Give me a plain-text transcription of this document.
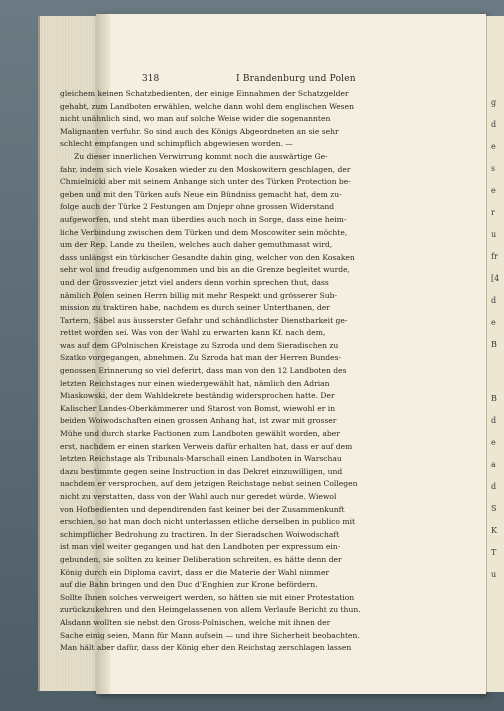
318	I Brandenburg und Polen
gleichem keinen Schatzbedienten, der einige Einnahmen der Schatzgelder
gehabt, zum Landboten erwählen, welche dann wohl dem englischen Wesen
nicht unähnlich sind, wo man auf solche Weise wider die sogenannten
Malignanten verfuhr. So sind auch des Königs Abgeordneten an sie sehr
schlecht empfangen und schimpflich abgewiesen worden. —
Zu dieser innerlichen Verwirrung kommt noch die auswärtige Ge-
fahr, indem sich viele Kosaken wieder zu den Moskowitern geschlagen, der
Chmielnicki aber mit seinem Anhange sich unter des Türken Protection be-
geben und mit den Türken aufs Neue ein Bündniss gemacht hat, dem zu-
folge auch der Türke 2 Festungen am Dnjepr ohne grossen Widerstand
aufgeworfen, und steht man überdies auch noch in Sorge, dass eine heim-
liche Verbindung zwischen dem Türken und dem Moscowiter sein möchte,
um der Rep. Lande zu theilen, welches auch daher gemuthmasst wird,
dass unlängst ein türkischer Gesandte dahin ging, welcher von den Kosaken
sehr wol und freudig aufgenommen und bis an die Grenze begleitet wurde,
und der Grossvezier jetzt viel anders denn vorhin sprechen thut, dass
nämlich Polen seinen Herrn billig mit mehr Respekt und grösserer Sub-
mission zu traktiren habe, nachdem es durch seiner Unterthanen, der
Tartern, Säbel aus äusserster Gefahr und schändlichster Dienstbarkeit ge-
rettet worden sei. Was von der Wahl zu erwarten kann Kf. nach dem,
was auf dem GPolnischen Kreistage zu Szroda und dem Sieradischen zu
Szatko vorgegangen, abnehmen. Zu Szroda hat man der Herren Bundes-
genossen Erinnerung so viel deferirt, dass man von den 12 Landboten des
letzten Reichstages nur einen wiedergewählt hat, nämlich den Adrian
Miaskowski, der dem Wahldekrete beständig widersprochen hatte. Der
Kalischer Landes-Oberkämmerer und Starost von Bomst, wiewohl er in
beiden Woiwodschaften einen grossen Anhang hat, ist zwar mit grosser
Mühe und durch starke Factionen zum Landboten gewählt worden, aber
erst, nachdem er einen starken Verweis dafür erhalten hat, dass er auf dem
letzten Reichstage als Tribunals-Marschall einen Landboten in Warschau
dazu bestimmte gegen seine Instruction in das Dekret einzuwilligen, und
nachdem er versprochen, auf dem jetzigen Reichstage nebst seinen Collegen
nicht zu verstatten, dass von der Wahl auch nur geredet würde. Wiewol
von Hofbedienten und dependirenden fast keiner bei der Zusammenkunft
erschien, so hat man doch nicht unterlassen etliche derselben in publico mit
schimpflicher Bedrohung zu tractiren. In der Sieradschen Woiwodschaft
ist man viel weiter gegangen und hat den Landboten per expressum ein-
gebunden, sie sollten zu keiner Deliberation schreiten, es hätte denn der
König durch ein Diploma cavirt, dass er die Materie der Wahl nimmer
auf die Bahn bringen und den Duc d'Enghien zur Krone befördern.
Sollte Ihnen solches verweigert werden, so hätten sie mit einer Protestation
zurückzukehren und den Heimgelassenen von allem Verlaufe Bericht zu thun.
Alsdann wollten sie nebst den Gross-Polnischen, welche mit ihnen der
Sache einig seien, Mann für Mann aufsein — und ihre Sicherheit beobachten.
Man hält aber dafür, dass der König eher den Reichstag zerschlagen lassen
g
d
e
s
e
r
u
fr
[4
d
e
B
B
d
e
a
d
S
K
T
u
